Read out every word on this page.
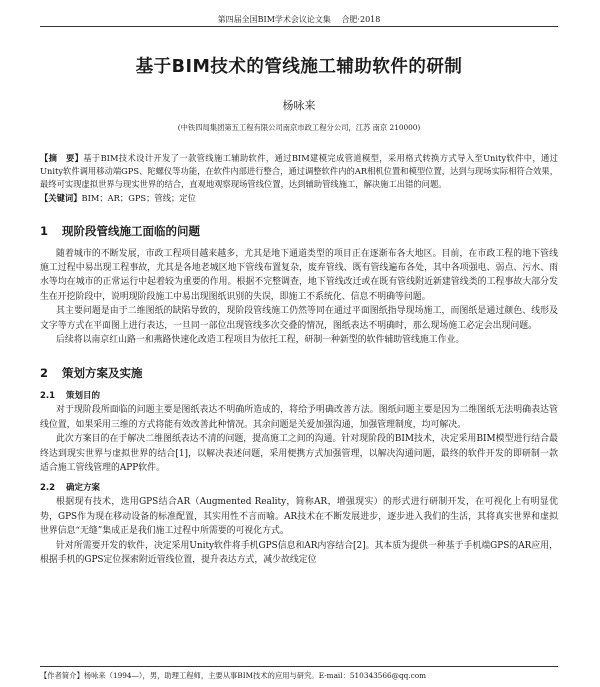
第四届全国BIM学术会议论文集 合肥·2018
基于BIM技术的管线施工辅助软件的研制
杨咏来
(中铁四局集团第五工程有限公司南京市政工程分公司，江苏 南京 210000)
【摘　要】基于BIM技术设计开发了一款管线施工辅助软件，通过BIM建模完成管道模型，采用格式转换方式导入至Unity软件中，通过Unity软件调用移动端GPS、陀螺仪等功能，在软件内部进行整合，通过调整软件内的AR相机位置和模型位置，达到与现场实际相符合效果，最终可实现虚拟世界与现实世界的结合，直观地观察现场管线位置，达到辅助管线施工，解决施工出错的问题。
【关键词】BIM；AR；GPS；管线；定位
1 现阶段管线施工面临的问题

随着城市的不断发展，市政工程项目越来越多，尤其是地下通道类型的项目正在逐渐布各大地区。目前，在市政工程的地下管线施工过程中易出现工程事故，尤其是各地老城区地下管线布置复杂，废弃管线、既有管线遍布各处，其中各项强电、弱点、污水、雨水等均在城市的正常运行中起着较为重要的作用。根据不完整调查，地下管线改迁或在既有管线附近新建管线类的工程事故大部分发生在开挖阶段中，说明现阶段施工中易出现图纸识别的失误，即施工不系统化、信息不明确等问题。

其主要问题是由于二维图纸的缺陷导致的，现阶段管线施工仍然等同在通过平面图纸指导现场施工，而图纸是通过颜色、线形及文字等方式在平面图上进行表达，一旦同一部位出现管线多次交叠的情况，图纸表达不明确时，那么现场施工必定会出现问题。

后续将以南京红山路一和燕路快速化改造工程项目为依托工程，研制一种新型的软件辅助管线施工作业。

2 策划方案及实施
2.1 策划目的

对于现阶段所面临的问题主要是图纸表达不明确所造成的，将给予明确改善方法。图纸问题主要是因为二维图纸无法明确表达管线位置，如果采用三维的方式将能有效改善此种情况。其余问题是关爱加强沟通，加强管理制度，均可解决。

此次方案目的在于解决二维图纸表达不清的问题，提高施工之间的沟通。针对现阶段的BIM技术，决定采用BIM模型进行结合最终达到现实世界与虚拟世界的结合[1]，以解决表述问题，采用便携方式加强管理，以解决沟通问题，最终的软件开发的即研制一款适合施工管线管理的APP软件。

2.2 确定方案

根据现有技术，选用GPS结合AR（Augmented Reality，简称AR，增强现实）的形式进行研制开发，在可视化上有明显优势，GPS作为现在移动设备的标准配置，其实用性不言而喻。AR技术在不断发展进步，逐步进入我们的生活，其将真实世界和虚拟世界信息“无缝”集成正是我们施工过程中所需要的可视化方式。

针对所需要开发的软件，决定采用Unity软件将手机GPS信息和AR内容结合[2]。其本质为提供一种基于手机端GPS的AR应用，根据手机的GPS定位探索附近管线位置，提升表达方式，减少故线定位

【作者简介】杨咏来（1994—），男，助理工程师，主要从事BIM技术的应用与研究。E-mail：510343566@qq.com
